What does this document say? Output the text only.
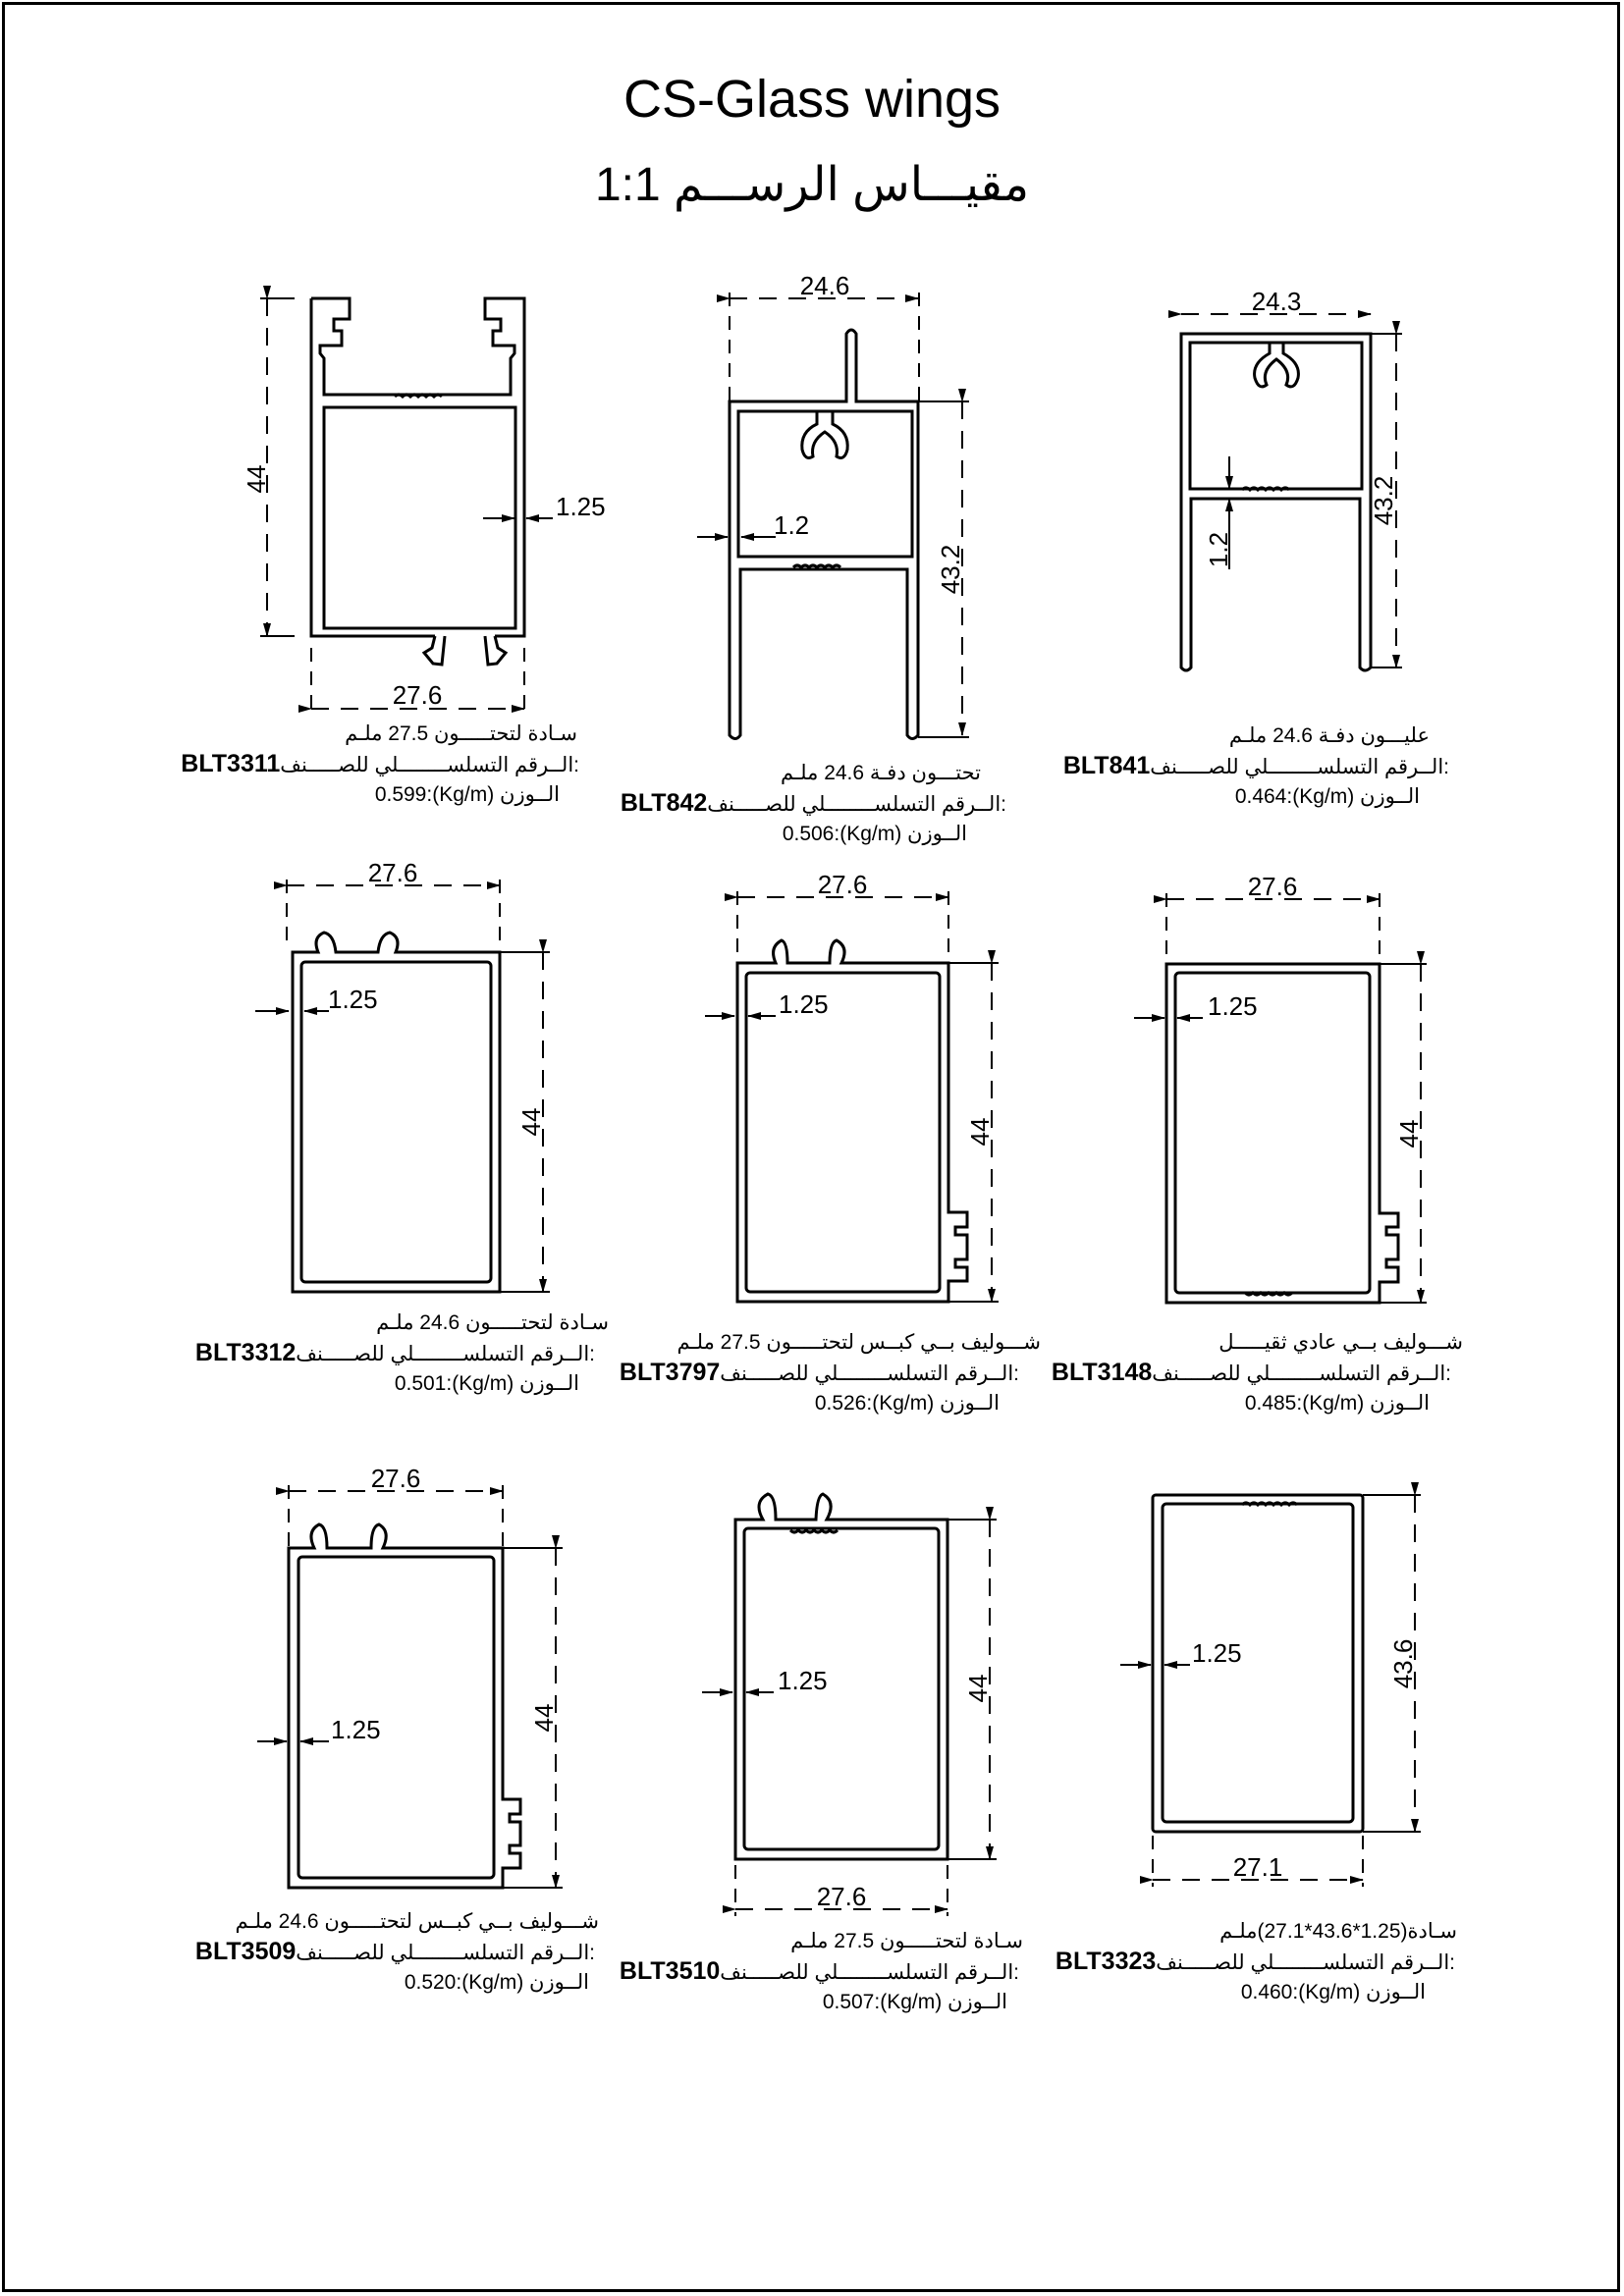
CS-Glass wings
مقيـــاس الرســـم 1:1
44
27.6
1.25
24.6
43.2
1.2
24.3
43.2
1.2
27.6
44
1.25
27.6
44
1.25
27.6
44
1.25
27.6
44
1.25
44
27.6
1.25	43.6
27.1
1.25
سـادة لتحتـــــون 27.5 ملـم
BLT3311الــرقم التسلســــــــلي للصـــــنف:
0.599:(Kg/m) الــوزن
تحتـــون دفـة 24.6 ملـم
BLT842الــرقم التسلســــــــلي للصـــــنف:
0.506:(Kg/m) الــوزن
عليـــون دفـة 24.6 ملـم
BLT841الــرقم التسلســــــــلي للصـــــنف:
0.464:(Kg/m) الــوزن
سـادة لتحتـــــون 24.6 ملـم
BLT3312الــرقم التسلســــــــلي للصـــــنف:
0.501:(Kg/m) الــوزن
شـــوليف بــي كبــس لتحتـــــون 27.5 ملـم
BLT3797الــرقم التسلســــــــلي للصـــــنف:
0.526:(Kg/m) الــوزن
شـــوليف بــي عادي ثقيـــــل
BLT3148الــرقم التسلســــــــلي للصـــــنف:
0.485:(Kg/m) الــوزن
شـــوليف بــي كبــس لتحتـــــون 24.6 ملـم
BLT3509الــرقم التسلســــــــلي للصـــــنف:
0.520:(Kg/m) الــوزن
سـادة لتحتـــــون 27.5 ملـم
BLT3510الــرقم التسلســــــــلي للصـــــنف:
0.507:(Kg/m) الــوزن
سـادة(1.25*43.6*27.1)ملـم
BLT3323الــرقم التسلســــــــلي للصـــــنف:
0.460:(Kg/m) الــوزن
